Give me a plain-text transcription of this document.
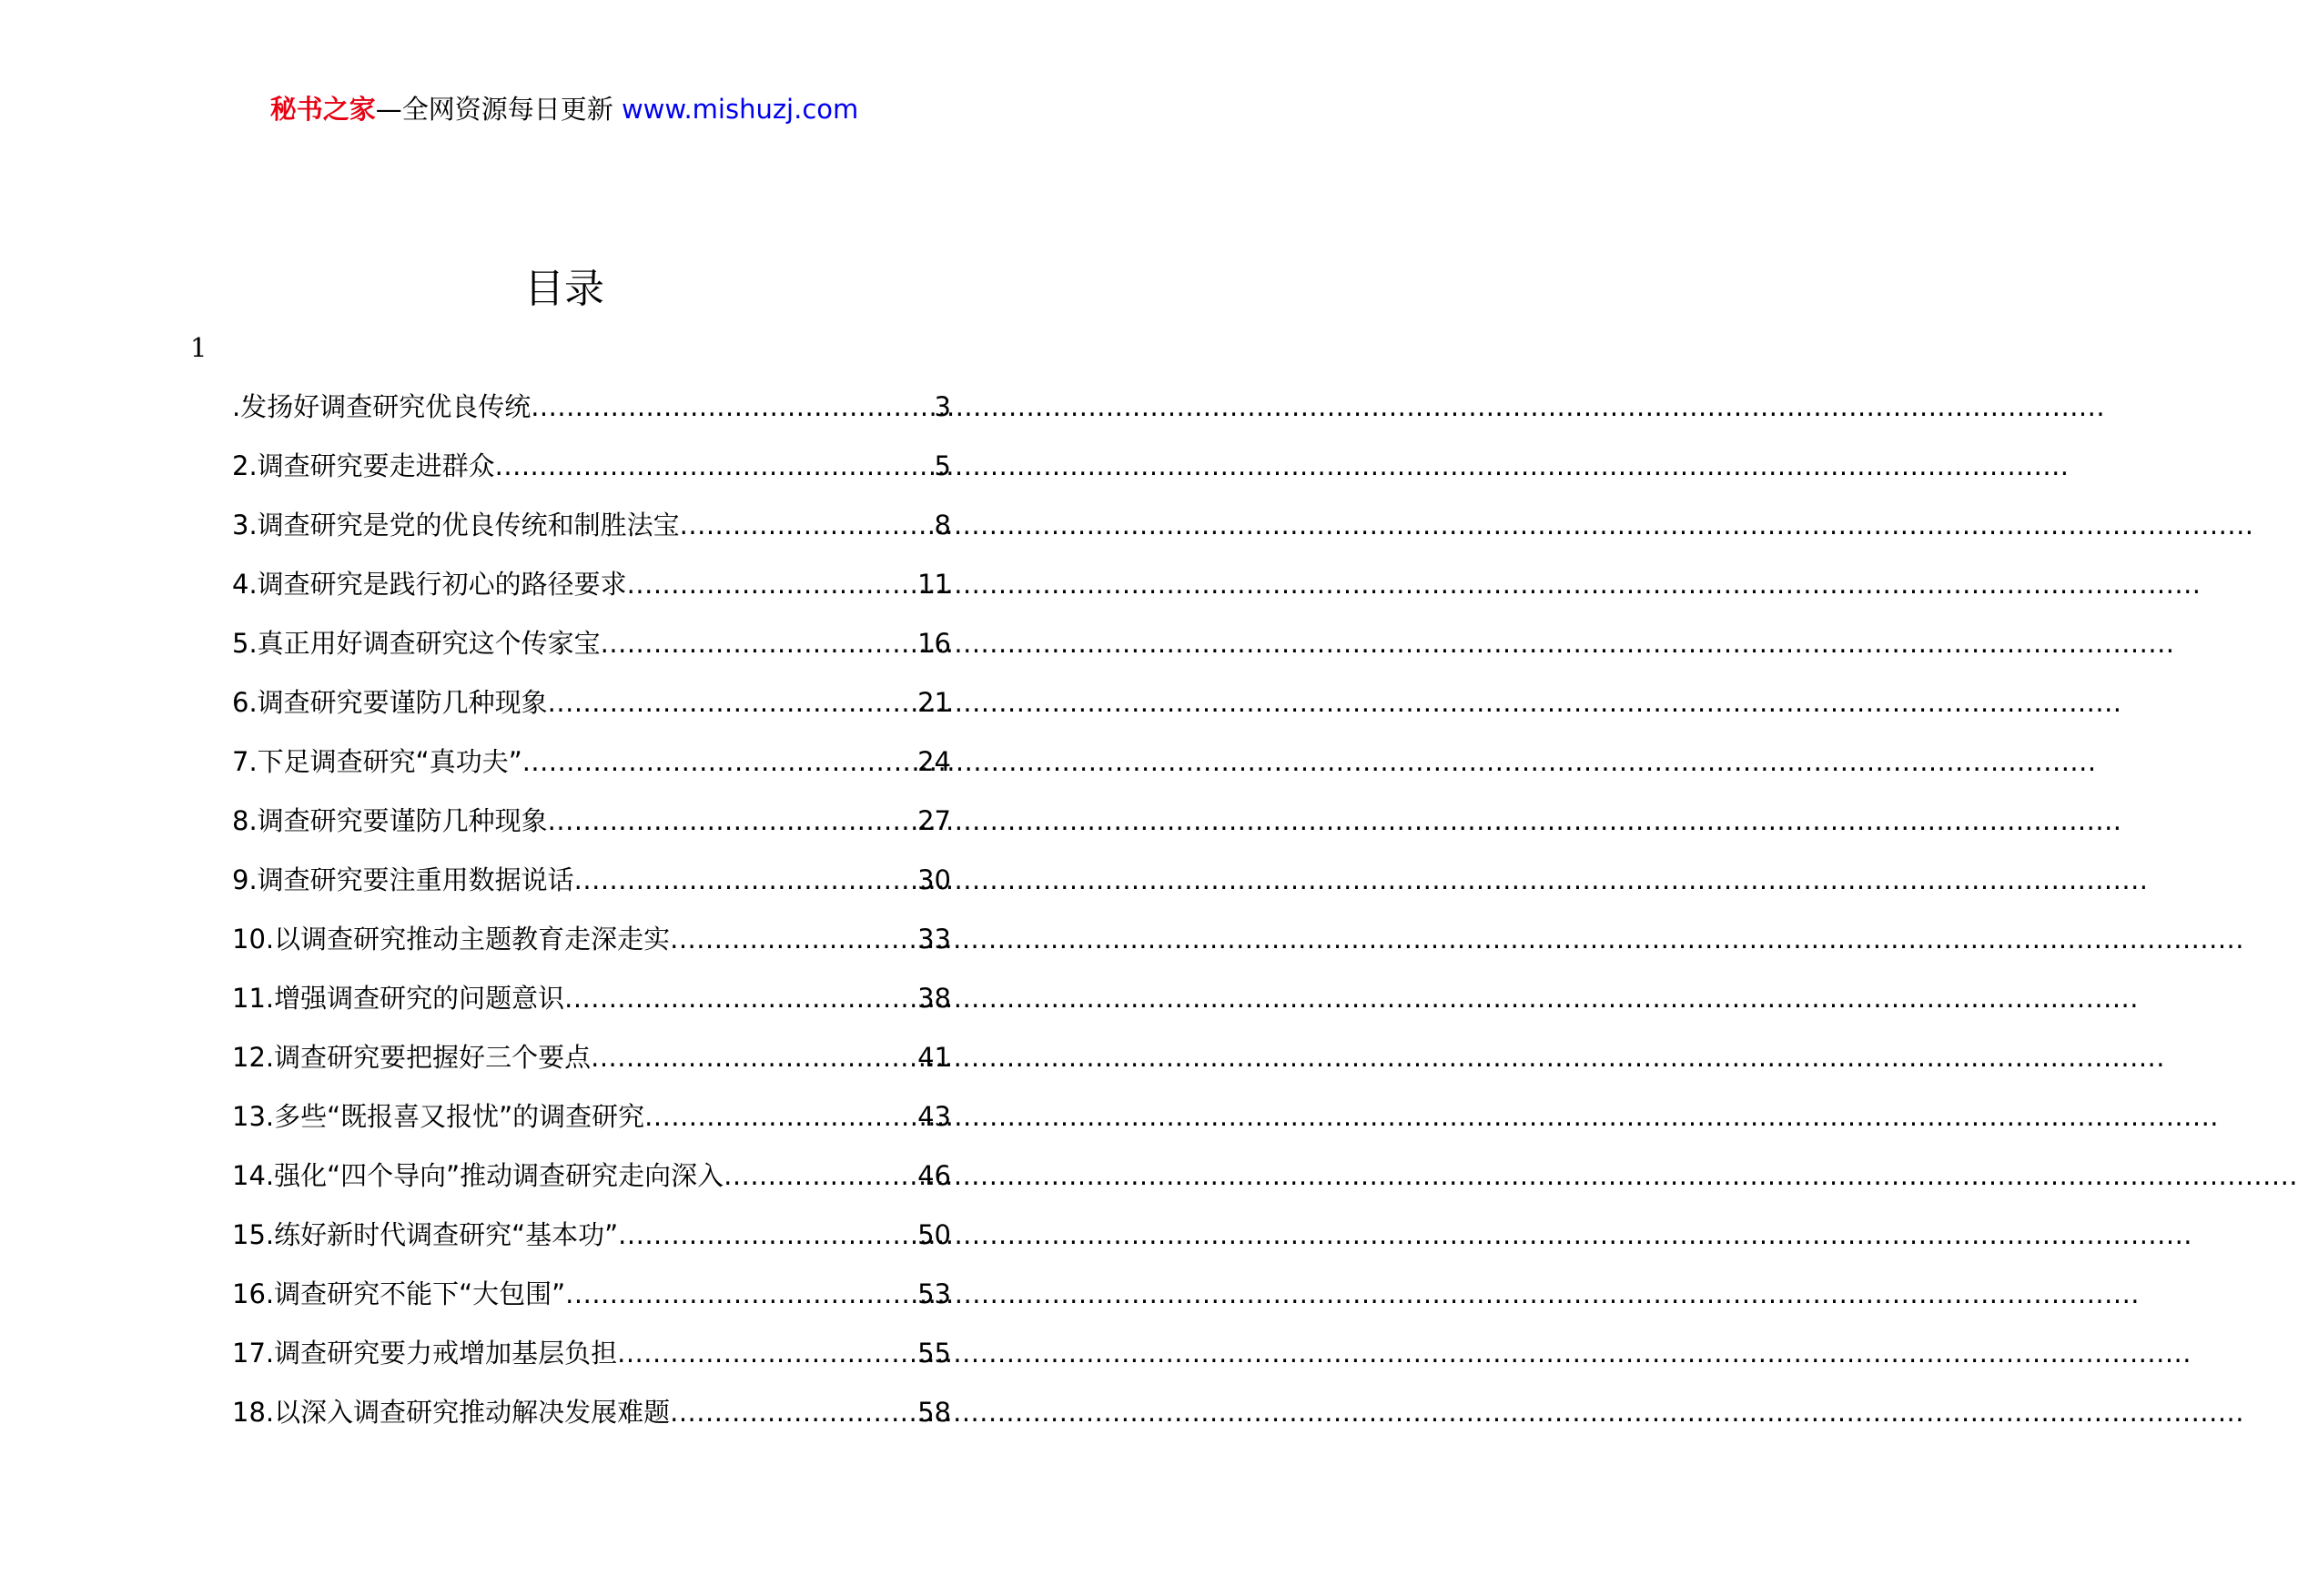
秘书之家—全网资源每日更新 www.mishuzj.com
目录
1
.发扬好调查研究优良传统 .....	3
2.调查研究要走进群众 .....	5
3.调查研究是党的优良传统和制胜法宝 .....	8
4.调查研究是践行初心的路径要求 .....	11
5.真正用好调查研究这个传家宝 .....	16
6.调查研究要谨防几种现象 .....	21
7.下足调查研究“真功夫” .....	24
8.调查研究要谨防几种现象 .....	27
9.调查研究要注重用数据说话 .....	30
10.以调查研究推动主题教育走深走实 .....	33
11.增强调查研究的问题意识 .....	38
12.调查研究要把握好三个要点 .....	41
13.多些“既报喜又报忧”的调查研究 .....	43
14.强化“四个导向”推动调查研究走向深入 .....	46
15.练好新时代调查研究“基本功” .....	50
16.调查研究不能下“大包围” .....	53
17.调查研究要力戒增加基层负担 .....	55
18.以深入调查研究推动解决发展难题 .....	58
